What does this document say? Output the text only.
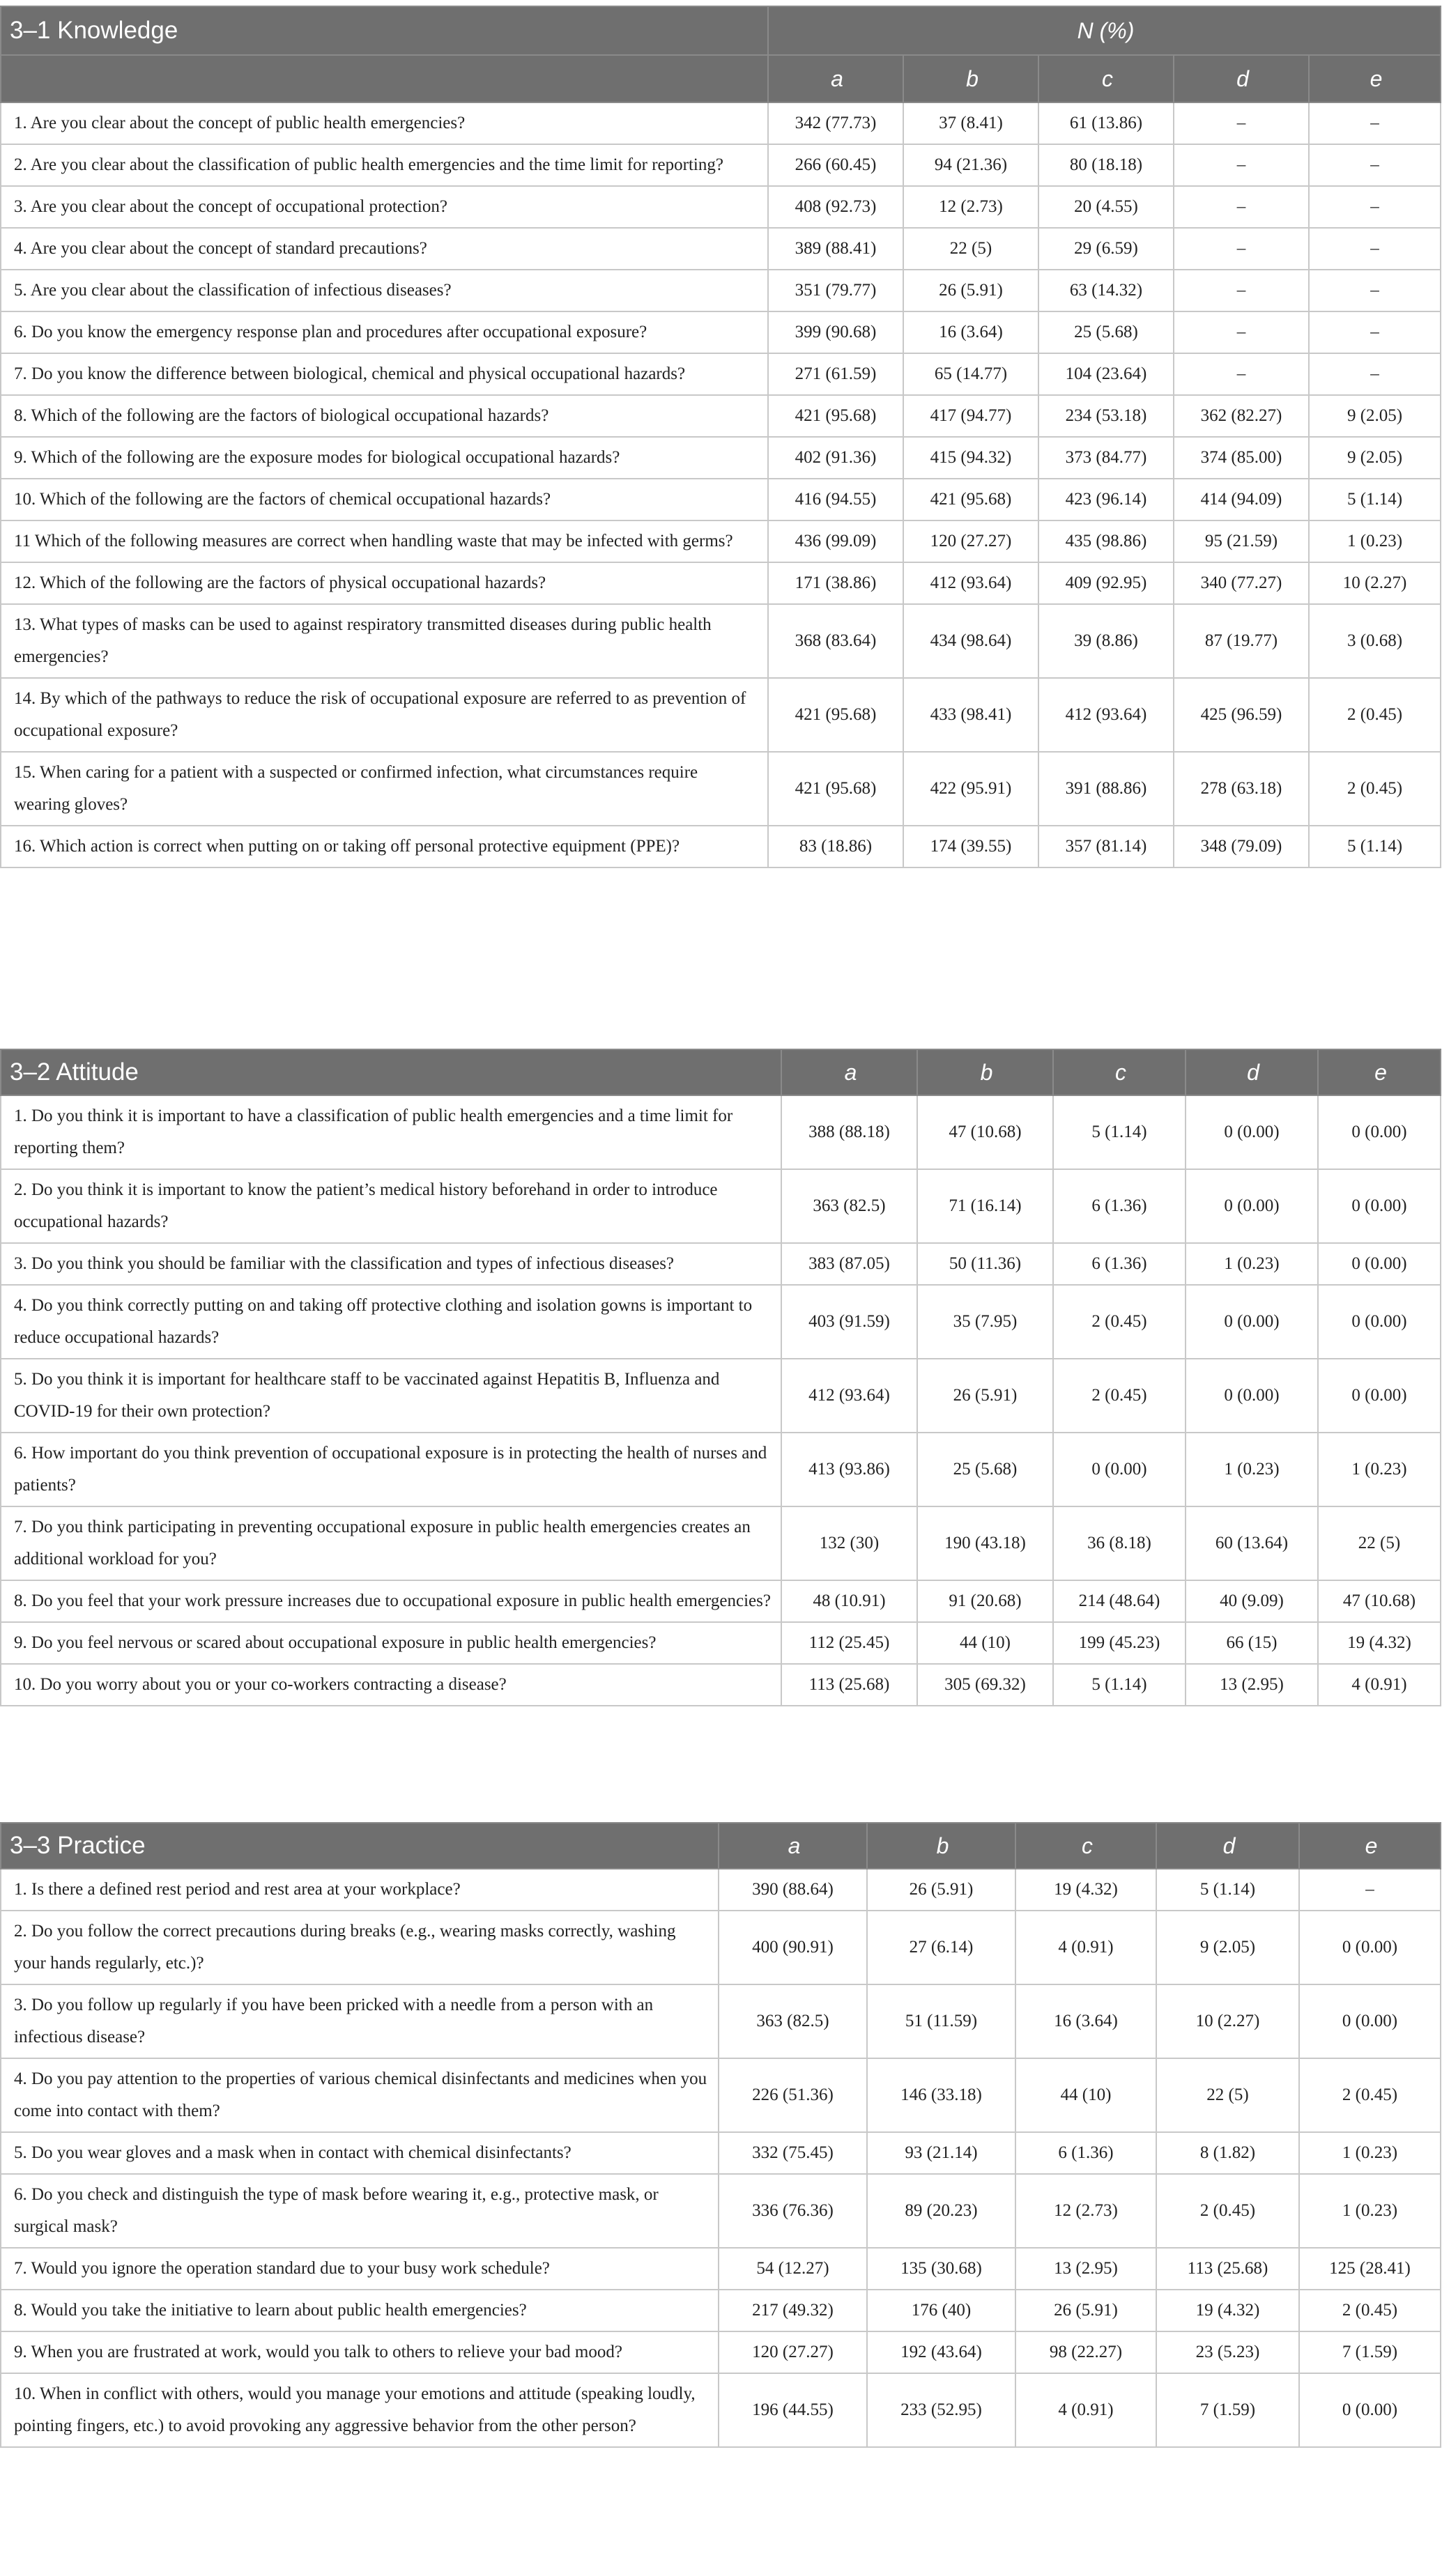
3–1 Knowledge	N (%)				
	a	b	c	d	e
1. Are you clear about the concept of public health emergencies?	342 (77.73)	37 (8.41)	61 (13.86)	–	–
2. Are you clear about the classification of public health emergencies and the time limit for reporting?	266 (60.45)	94 (21.36)	80 (18.18)	–	–
3. Are you clear about the concept of occupational protection?	408 (92.73)	12 (2.73)	20 (4.55)	–	–
4. Are you clear about the concept of standard precautions?	389 (88.41)	22 (5)	29 (6.59)	–	–
5. Are you clear about the classification of infectious diseases?	351 (79.77)	26 (5.91)	63 (14.32)	–	–
6. Do you know the emergency response plan and procedures after occupational exposure?	399 (90.68)	16 (3.64)	25 (5.68)	–	–
7. Do you know the difference between biological, chemical and physical occupational hazards?	271 (61.59)	65 (14.77)	104 (23.64)	–	–
8. Which of the following are the factors of biological occupational hazards?	421 (95.68)	417 (94.77)	234 (53.18)	362 (82.27)	9 (2.05)
9. Which of the following are the exposure modes for biological occupational hazards?	402 (91.36)	415 (94.32)	373 (84.77)	374 (85.00)	9 (2.05)
10. Which of the following are the factors of chemical occupational hazards?	416 (94.55)	421 (95.68)	423 (96.14)	414 (94.09)	5 (1.14)
11 Which of the following measures are correct when handling waste that may be infected with germs?	436 (99.09)	120 (27.27)	435 (98.86)	95 (21.59)	1 (0.23)
12. Which of the following are the factors of physical occupational hazards?	171 (38.86)	412 (93.64)	409 (92.95)	340 (77.27)	10 (2.27)
13. What types of masks can be used to against respiratory transmitted diseases during public health emergencies?	368 (83.64)	434 (98.64)	39 (8.86)	87 (19.77)	3 (0.68)
14. By which of the pathways to reduce the risk of occupational exposure are referred to as prevention of occupational exposure?	421 (95.68)	433 (98.41)	412 (93.64)	425 (96.59)	2 (0.45)
15. When caring for a patient with a suspected or confirmed infection, what circumstances require wearing gloves?	421 (95.68)	422 (95.91)	391 (88.86)	278 (63.18)	2 (0.45)
16. Which action is correct when putting on or taking off personal protective equipment (PPE)?	83 (18.86)	174 (39.55)	357 (81.14)	348 (79.09)	5 (1.14)
3–2 Attitude	a	b	c	d	e
1. Do you think it is important to have a classification of public health emergencies and a time limit for reporting them?	388 (88.18)	47 (10.68)	5 (1.14)	0 (0.00)	0 (0.00)
2. Do you think it is important to know the patient’s medical history beforehand in order to introduce occupational hazards?	363 (82.5)	71 (16.14)	6 (1.36)	0 (0.00)	0 (0.00)
3. Do you think you should be familiar with the classification and types of infectious diseases?	383 (87.05)	50 (11.36)	6 (1.36)	1 (0.23)	0 (0.00)
4. Do you think correctly putting on and taking off protective clothing and isolation gowns is important to reduce occupational hazards?	403 (91.59)	35 (7.95)	2 (0.45)	0 (0.00)	0 (0.00)
5. Do you think it is important for healthcare staff to be vaccinated against Hepatitis B, Influenza and COVID-19 for their own protection?	412 (93.64)	26 (5.91)	2 (0.45)	0 (0.00)	0 (0.00)
6. How important do you think prevention of occupational exposure is in protecting the health of nurses and patients?	413 (93.86)	25 (5.68)	0 (0.00)	1 (0.23)	1 (0.23)
7. Do you think participating in preventing occupational exposure in public health emergencies creates an additional workload for you?	132 (30)	190 (43.18)	36 (8.18)	60 (13.64)	22 (5)
8. Do you feel that your work pressure increases due to occupational exposure in public health emergencies?	48 (10.91)	91 (20.68)	214 (48.64)	40 (9.09)	47 (10.68)
9. Do you feel nervous or scared about occupational exposure in public health emergencies?	112 (25.45)	44 (10)	199 (45.23)	66 (15)	19 (4.32)
10. Do you worry about you or your co-workers contracting a disease?	113 (25.68)	305 (69.32)	5 (1.14)	13 (2.95)	4 (0.91)
3–3 Practice	a	b	c	d	e
1. Is there a defined rest period and rest area at your workplace?	390 (88.64)	26 (5.91)	19 (4.32)	5 (1.14)	–
2. Do you follow the correct precautions during breaks (e.g., wearing masks correctly, washing your hands regularly, etc.)?	400 (90.91)	27 (6.14)	4 (0.91)	9 (2.05)	0 (0.00)
3. Do you follow up regularly if you have been pricked with a needle from a person with an infectious disease?	363 (82.5)	51 (11.59)	16 (3.64)	10 (2.27)	0 (0.00)
4. Do you pay attention to the properties of various chemical disinfectants and medicines when you come into contact with them?	226 (51.36)	146 (33.18)	44 (10)	22 (5)	2 (0.45)
5. Do you wear gloves and a mask when in contact with chemical disinfectants?	332 (75.45)	93 (21.14)	6 (1.36)	8 (1.82)	1 (0.23)
6. Do you check and distinguish the type of mask before wearing it, e.g., protective mask, or surgical mask?	336 (76.36)	89 (20.23)	12 (2.73)	2 (0.45)	1 (0.23)
7. Would you ignore the operation standard due to your busy work schedule?	54 (12.27)	135 (30.68)	13 (2.95)	113 (25.68)	125 (28.41)
8. Would you take the initiative to learn about public health emergencies?	217 (49.32)	176 (40)	26 (5.91)	19 (4.32)	2 (0.45)
9. When you are frustrated at work, would you talk to others to relieve your bad mood?	120 (27.27)	192 (43.64)	98 (22.27)	23 (5.23)	7 (1.59)
10. When in conflict with others, would you manage your emotions and attitude (speaking loudly, pointing fingers, etc.) to avoid provoking any aggressive behavior from the other person?	196 (44.55)	233 (52.95)	4 (0.91)	7 (1.59)	0 (0.00)
